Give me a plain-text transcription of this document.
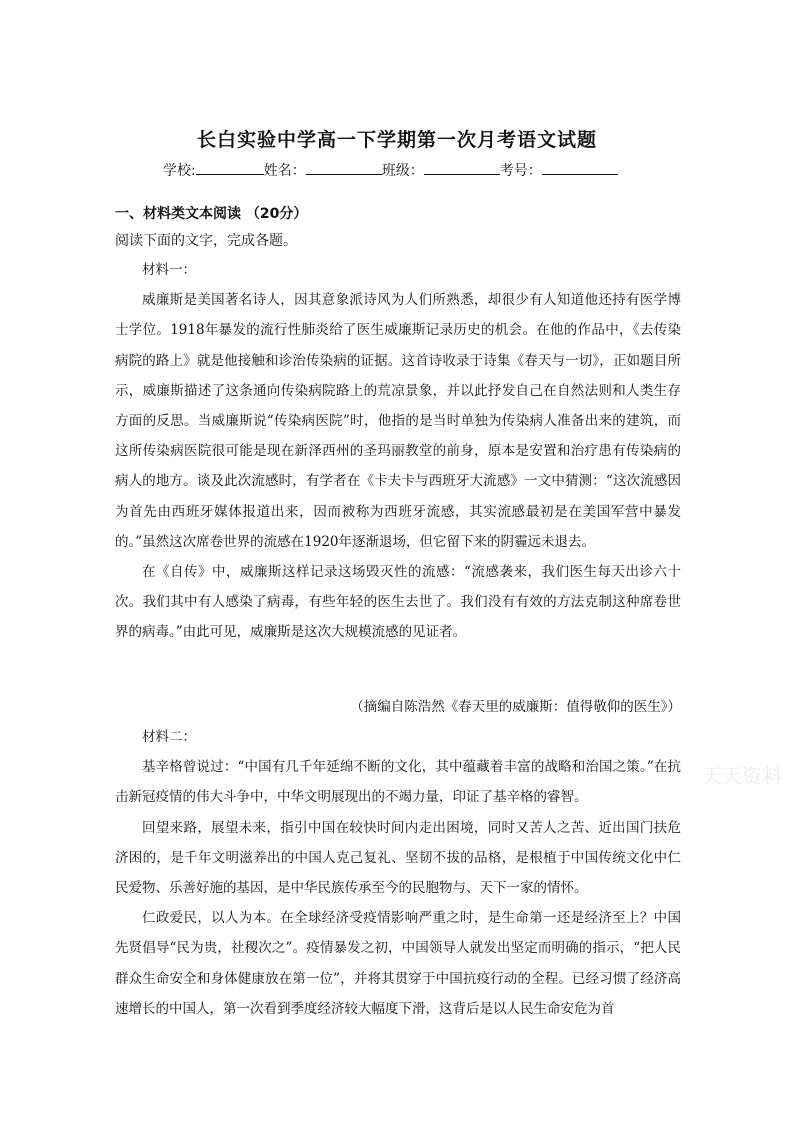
长白实验中学高一下学期第一次月考语文试题
学校:	姓名：	班级：	考号：
一、材料类文本阅读 （20分）
阅读下面的文字，完成各题。

材料一：

威廉斯是美国著名诗人，因其意象派诗风为人们所熟悉，却很少有人知道他还持有医学博士学位。1918年暴发的流行性肺炎给了医生威廉斯记录历史的机会。在他的作品中，《去传染病院的路上》就是他接触和诊治传染病的证据。这首诗收录于诗集《春天与一切》，正如题目所示，威廉斯描述了这条通向传染病院路上的荒凉景象，并以此抒发自己在自然法则和人类生存方面的反思。当威廉斯说“传染病医院”时，他指的是当时单独为传染病人准备出来的建筑，而这所传染病医院很可能是现在新泽西州的圣玛丽教堂的前身，原本是安置和治疗患有传染病的病人的地方。谈及此次流感时，有学者在《卡夫卡与西班牙大流感》一文中猜测：“这次流感因为首先由西班牙媒体报道出来，因而被称为西班牙流感，其实流感最初是在美国军营中暴发的。”虽然这次席卷世界的流感在1920年逐渐退场，但它留下来的阴霾远未退去。

在《自传》中，威廉斯这样记录这场毁灭性的流感：“流感袭来，我们医生每天出诊六十次。我们其中有人感染了病毒，有些年轻的医生去世了。我们没有有效的方法克制这种席卷世界的病毒。”由此可见，威廉斯是这次大规模流感的见证者。

（摘编自陈浩然《春天里的威廉斯：值得敬仰的医生》）

材料二：

基辛格曾说过：“中国有几千年延绵不断的文化，其中蕴藏着丰富的战略和治国之策。”在抗击新冠疫情的伟大斗争中，中华文明展现出的不竭力量，印证了基辛格的睿智。

回望来路，展望未来，指引中国在较快时间内走出困境，同时又苦人之苦、近出国门扶危济困的，是千年文明滋养出的中国人克己复礼、坚韧不拔的品格，是根植于中国传统文化中仁民爱物、乐善好施的基因，是中华民族传承至今的民胞物与、天下一家的情怀。

仁政爱民，以人为本。在全球经济受疫情影响严重之时，是生命第一还是经济至上？中国先贤倡导“民为贵，社稷次之”。疫情暴发之初，中国领导人就发出坚定而明确的指示，“把人民群众生命安全和身体健康放在第一位”，并将其贯穿于中国抗疫行动的全程。已经习惯了经济高速增长的中国人，第一次看到季度经济较大幅度下滑，这背后是以人民生命安危为首

天天资料
